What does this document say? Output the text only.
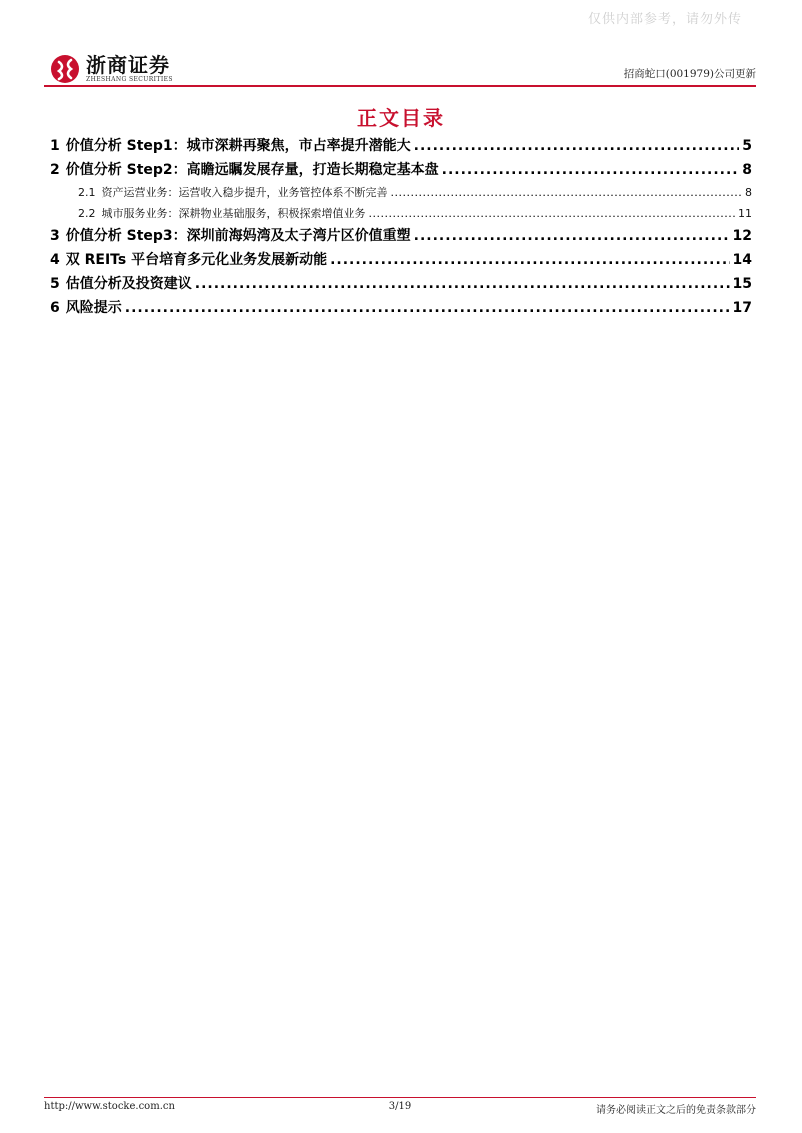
仅供内部参考，请勿外传
浙商证券
ZHESHANG SECURITIES	招商蛇口(001979)公司更新
正文目录
1 价值分析 Step1：城市深耕再聚焦，市占率提升潜能大 .....	5
2 价值分析 Step2：高瞻远瞩发展存量，打造长期稳定基本盘 .....	8
2.1 资产运营业务：运营收入稳步提升，业务管控体系不断完善 .....	8
2.2 城市服务业务：深耕物业基础服务，积极探索增值业务 .....	11
3 价值分析 Step3：深圳前海妈湾及太子湾片区价值重塑 .....	12
4 双 REITs 平台培育多元化业务发展新动能 .....	14
5 估值分析及投资建议 .....	15
6 风险提示 .....	17
http://www.stocke.com.cn	3/19	请务必阅读正文之后的免责条款部分
